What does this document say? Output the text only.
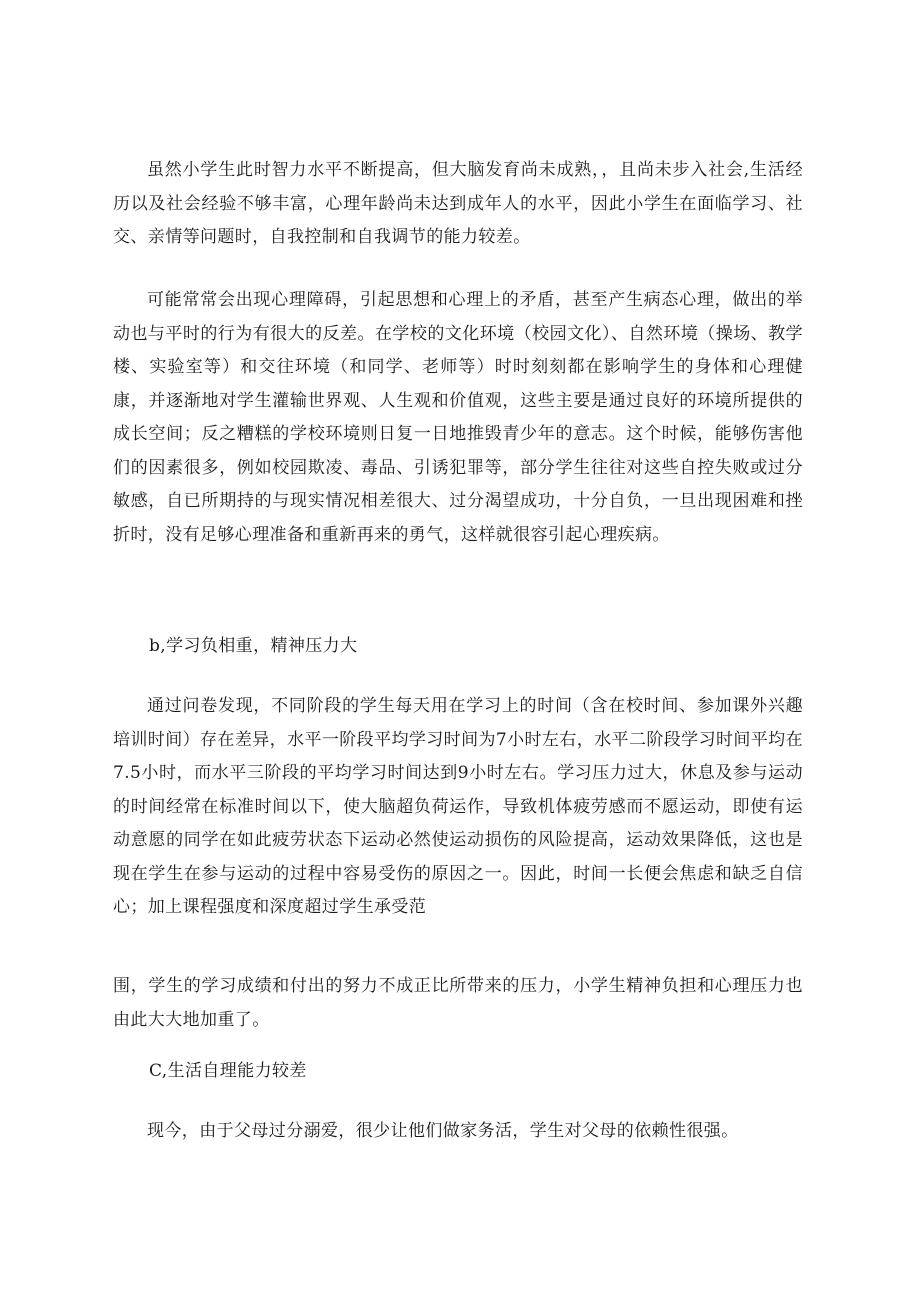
虽然小学生此时智力水平不断提高，但大脑发育尚未成熟，，且尚未步入社会,生活经历以及社会经验不够丰富，心理年龄尚未达到成年人的水平，因此小学生在面临学习、社交、亲情等问题时，自我控制和自我调节的能力较差。

可能常常会出现心理障碍，引起思想和心理上的矛盾，甚至产生病态心理，做出的举动也与平时的行为有很大的反差。在学校的文化环境（校园文化）、自然环境（操场、教学楼、实验室等）和交往环境（和同学、老师等）时时刻刻都在影响学生的身体和心理健康，并逐渐地对学生灌输世界观、人生观和价值观，这些主要是通过良好的环境所提供的成长空间；反之糟糕的学校环境则日复一日地推毁青少年的意志。这个时候，能够伤害他们的因素很多，例如校园欺凌、毒品、引诱犯罪等，部分学生往往对这些自控失败或过分敏感，自已所期持的与现实情况相差很大、过分渴望成功，十分自负，一旦出现困难和挫折时，没有足够心理准备和重新再来的勇气，这样就很容引起心理疾病。

b,学习负相重，精神压力大

通过问卷发现，不同阶段的学生每天用在学习上的时间（含在校时间、参加课外兴趣培训时间）存在差异，水平一阶段平均学习时间为7小时左右，水平二阶段学习时间平均在7.5小时，而水平三阶段的平均学习时间达到9小时左右。学习压力过大，休息及参与运动的时间经常在标准时间以下，使大脑超负荷运作，导致机体疲劳感而不愿运动，即使有运动意愿的同学在如此疲劳状态下运动必然使运动损伤的风险提高，运动效果降低，这也是现在学生在参与运动的过程中容易受伤的原因之一。因此，时间一长便会焦虑和缺乏自信心；加上课程强度和深度超过学生承受范

围，学生的学习成绩和付出的努力不成正比所带来的压力，小学生精神负担和心理压力也由此大大地加重了。

C,生活自理能力较差

现今，由于父母过分溺爱，很少让他们做家务活，学生对父母的依赖性很强。
